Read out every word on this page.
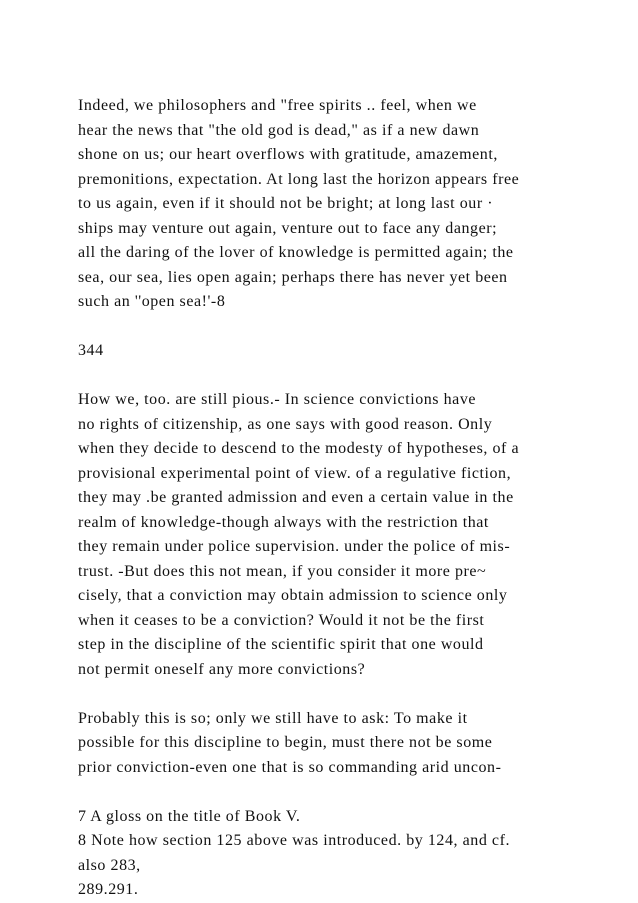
Indeed, we philosophers and "free spirits .. feel, when we
hear the news that "the old god is dead," as if a new dawn
shone on us; our heart overflows with gratitude, amazement,
premonitions, expectation. At long last the horizon appears free
to us again, even if it should not be bright; at long last our ·
ships may venture out again, venture out to face any danger;
all the daring of the lover of knowledge is permitted again; the
sea, our sea, lies open again; perhaps there has never yet been
such an ''open sea!'-8
344
How we, too. are still pious.- In science convictions have
no rights of citizenship, as one says with good reason. Only
when they decide to descend to the modesty of hypotheses, of a
provisional experimental point of view. of a regulative fiction,
they may .be granted admission and even a certain value in the
realm of knowledge-though always with the restriction that
they remain under police supervision. under the police of mis-
trust. -But does this not mean, if you consider it more pre~
cisely, that a conviction may obtain admission to science only
when it ceases to be a conviction? Would it not be the first
step in the discipline of the scientific spirit that one would
not permit oneself any more convictions?
Probably this is so; only we still have to ask: To make it
possible for this discipline to begin, must there not be some
prior conviction-even one that is so commanding arid uncon-
7 A gloss on the title of Book V.
8 Note how section 125 above was introduced. by 124, and cf.
also 283,
289.291.
